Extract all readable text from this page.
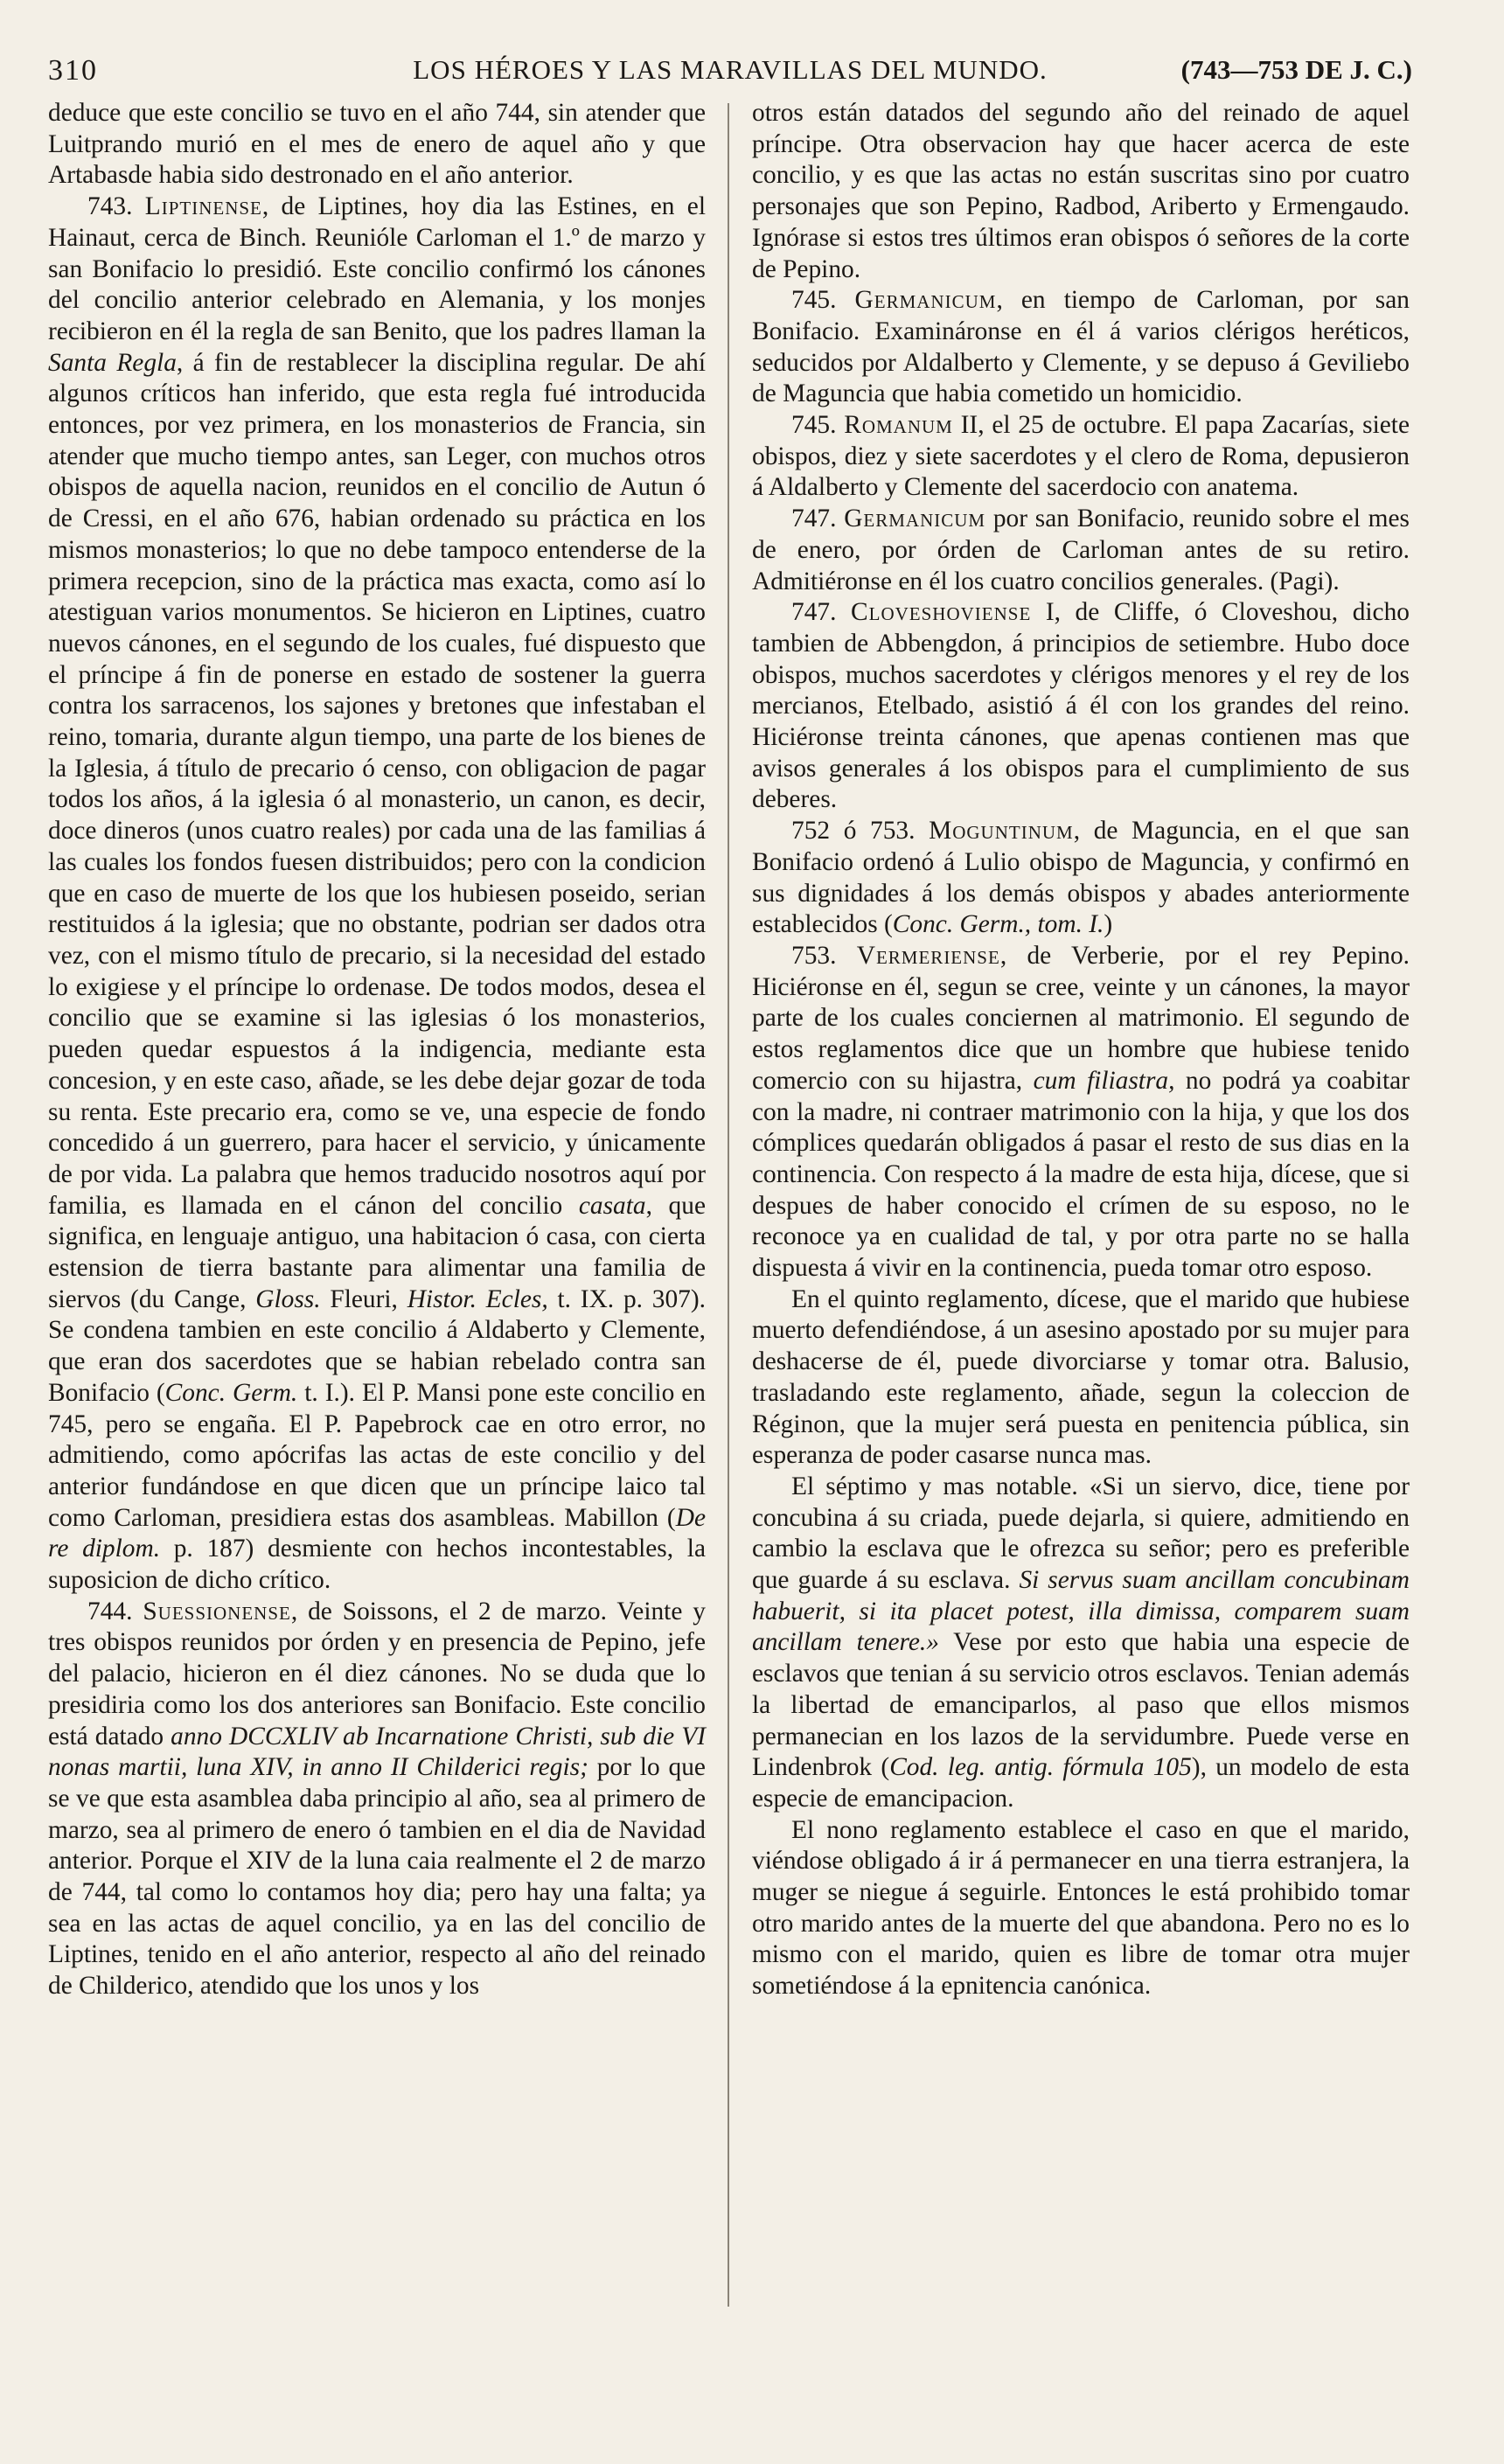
310	LOS HÉROES Y LAS MARAVILLAS DEL MUNDO.	(743—753 DE J. C.)

deduce que este concilio se tuvo en el año 744, sin atender que Luitprando murió en el mes de enero de aquel año y que Artabasde habia sido destronado en el año anterior.

743. Liptinense, de Liptines, hoy dia las Estines, en el Hainaut, cerca de Binch. Reunióle Carloman el 1.º de marzo y san Bonifacio lo presidió. Este concilio confirmó los cánones del concilio anterior celebrado en Alemania, y los monjes recibieron en él la regla de san Benito, que los padres llaman la Santa Regla, á fin de restablecer la disciplina regular. De ahí algunos críticos han inferido, que esta regla fué introducida entonces, por vez primera, en los monasterios de Francia, sin atender que mucho tiempo antes, san Leger, con muchos otros obispos de aquella nacion, reunidos en el concilio de Autun ó de Cressi, en el año 676, habian ordenado su práctica en los mismos monasterios; lo que no debe tampoco entenderse de la primera recepcion, sino de la práctica mas exacta, como así lo atestiguan varios monumentos. Se hicieron en Liptines, cuatro nuevos cánones, en el segundo de los cuales, fué dispuesto que el príncipe á fin de ponerse en estado de sostener la guerra contra los sarracenos, los sajones y bretones que infestaban el reino, tomaria, durante algun tiempo, una parte de los bienes de la Iglesia, á título de precario ó censo, con obligacion de pagar todos los años, á la iglesia ó al monasterio, un canon, es decir, doce dineros (unos cuatro reales) por cada una de las familias á las cuales los fondos fuesen distribuidos; pero con la condicion que en caso de muerte de los que los hubiesen poseido, serian restituidos á la iglesia; que no obstante, podrian ser dados otra vez, con el mismo título de precario, si la necesidad del estado lo exigiese y el príncipe lo ordenase. De todos modos, desea el concilio que se examine si las iglesias ó los monasterios, pueden quedar espuestos á la indigencia, mediante esta concesion, y en este caso, añade, se les debe dejar gozar de toda su renta. Este precario era, como se ve, una especie de fondo concedido á un guerrero, para hacer el servicio, y únicamente de por vida. La palabra que hemos traducido nosotros aquí por familia, es llamada en el cánon del concilio casata, que significa, en lenguaje antiguo, una habitacion ó casa, con cierta estension de tierra bastante para alimentar una familia de siervos (du Cange, Gloss. Fleuri, Histor. Ecles, t. IX. p. 307). Se condena tambien en este concilio á Aldaberto y Clemente, que eran dos sacerdotes que se habian rebelado contra san Bonifacio (Conc. Germ. t. I.). El P. Mansi pone este concilio en 745, pero se engaña. El P. Papebrock cae en otro error, no admitiendo, como apócrifas las actas de este concilio y del anterior fundándose en que dicen que un príncipe laico tal como Carloman, presidiera estas dos asambleas. Mabillon (De re diplom. p. 187) desmiente con hechos incontestables, la suposicion de dicho crítico.

744. Suessionense, de Soissons, el 2 de marzo. Veinte y tres obispos reunidos por órden y en presencia de Pepino, jefe del palacio, hicieron en él diez cánones. No se duda que lo presidiria como los dos anteriores san Bonifacio. Este concilio está datado anno DCCXLIV ab Incarnatione Christi, sub die VI nonas martii, luna XIV, in anno II Childerici regis; por lo que se ve que esta asamblea daba principio al año, sea al primero de marzo, sea al primero de enero ó tambien en el dia de Navidad anterior. Porque el XIV de la luna caia realmente el 2 de marzo de 744, tal como lo contamos hoy dia; pero hay una falta; ya sea en las actas de aquel concilio, ya en las del concilio de Liptines, tenido en el año anterior, respecto al año del reinado de Childerico, atendido que los unos y los

otros están datados del segundo año del reinado de aquel príncipe. Otra observacion hay que hacer acerca de este concilio, y es que las actas no están suscritas sino por cuatro personajes que son Pepino, Radbod, Ariberto y Ermengaudo. Ignórase si estos tres últimos eran obispos ó señores de la corte de Pepino.

745. Germanicum, en tiempo de Carloman, por san Bonifacio. Examináronse en él á varios clérigos heréticos, seducidos por Aldalberto y Clemente, y se depuso á Geviliebo de Maguncia que habia cometido un homicidio.

745. Romanum II, el 25 de octubre. El papa Zacarías, siete obispos, diez y siete sacerdotes y el clero de Roma, depusieron á Aldalberto y Clemente del sacerdocio con anatema.

747. Germanicum por san Bonifacio, reunido sobre el mes de enero, por órden de Carloman antes de su retiro. Admitiéronse en él los cuatro concilios generales. (Pagi).

747. Cloveshoviense I, de Cliffe, ó Cloveshou, dicho tambien de Abbengdon, á principios de setiembre. Hubo doce obispos, muchos sacerdotes y clérigos menores y el rey de los mercianos, Etelbado, asistió á él con los grandes del reino. Hiciéronse treinta cánones, que apenas contienen mas que avisos generales á los obispos para el cumplimiento de sus deberes.

752 ó 753. Moguntinum, de Maguncia, en el que san Bonifacio ordenó á Lulio obispo de Maguncia, y confirmó en sus dignidades á los demás obispos y abades anteriormente establecidos (Conc. Germ., tom. I.)

753. Vermeriense, de Verberie, por el rey Pepino. Hiciéronse en él, segun se cree, veinte y un cánones, la mayor parte de los cuales conciernen al matrimonio. El segundo de estos reglamentos dice que un hombre que hubiese tenido comercio con su hijastra, cum filiastra, no podrá ya coabitar con la madre, ni contraer matrimonio con la hija, y que los dos cómplices quedarán obligados á pasar el resto de sus dias en la continencia. Con respecto á la madre de esta hija, dícese, que si despues de haber conocido el crímen de su esposo, no le reconoce ya en cualidad de tal, y por otra parte no se halla dispuesta á vivir en la continencia, pueda tomar otro esposo.

En el quinto reglamento, dícese, que el marido que hubiese muerto defendiéndose, á un asesino apostado por su mujer para deshacerse de él, puede divorciarse y tomar otra. Balusio, trasladando este reglamento, añade, segun la coleccion de Réginon, que la mujer será puesta en penitencia pública, sin esperanza de poder casarse nunca mas.

El séptimo y mas notable. «Si un siervo, dice, tiene por concubina á su criada, puede dejarla, si quiere, admitiendo en cambio la esclava que le ofrezca su señor; pero es preferible que guarde á su esclava. Si servus suam ancillam concubinam habuerit, si ita placet potest, illa dimissa, comparem suam ancillam tenere.» Vese por esto que habia una especie de esclavos que tenian á su servicio otros esclavos. Tenian además la libertad de emanciparlos, al paso que ellos mismos permanecian en los lazos de la servidumbre. Puede verse en Lindenbrok (Cod. leg. antig. fórmula 105), un modelo de esta especie de emancipacion.

El nono reglamento establece el caso en que el marido, viéndose obligado á ir á permanecer en una tierra estranjera, la muger se niegue á seguirle. Entonces le está prohibido tomar otro marido antes de la muerte del que abandona. Pero no es lo mismo con el marido, quien es libre de tomar otra mujer sometiéndose á la epnitencia canónica.
